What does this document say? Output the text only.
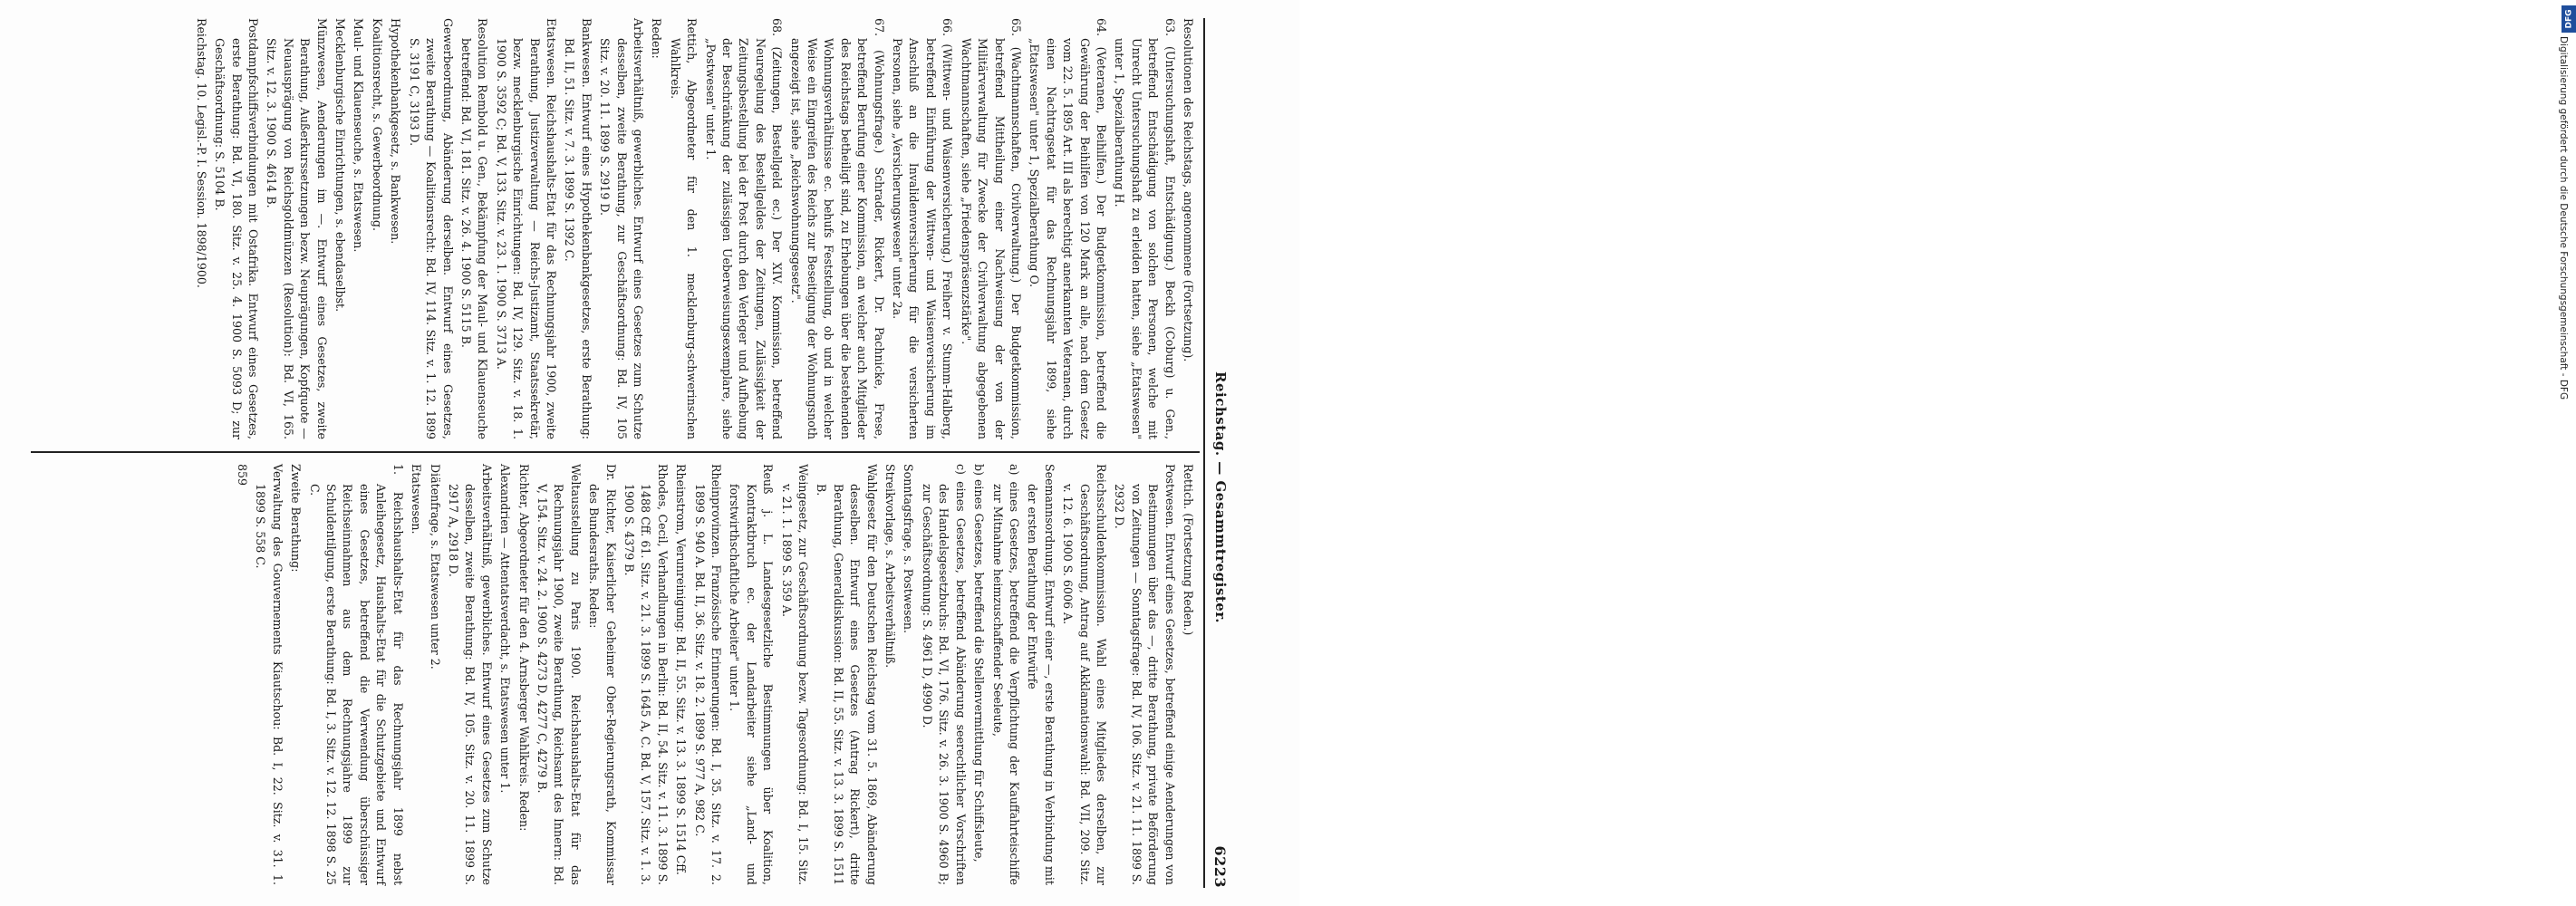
Reichstag. — Gesammtregister.
6223
Resolutionen des Reichstags, angenommene (Fortsetzung).
63. (Untersuchungshaft, Entschädigung.) Beckh (Coburg) u. Gen., betreffend Entschädigung von solchen Personen, welche mit Unrecht Untersuchungshaft zu erleiden hatten, siehe „Etatswesen" unter 1, Spezialberathung H.
64. (Veteranen, Beihilfen.) Der Budgetkommission, betreffend die Gewährung der Beihilfen von 120 Mark an alle, nach dem Gesetz vom 22. 5. 1895 Art. III als berechtigt anerkannten Veteranen, durch einen Nachtragsetat für das Rechnungsjahr 1899, siehe „Etatswesen" unter 1, Spezialberathung O.
65. (Wachtmannschaften, Civilverwaltung.) Der Budgetkommission, betreffend Mittheilung einer Nachweisung der von der Militärverwaltung für Zwecke der Civilverwaltung abgegebenen Wachtmannschaften, siehe „Friedenspräsenzstärke".
66. (Wittwen- und Waisenversicherung.) Freiherr v. Stumm-Halberg, betreffend Einführung der Wittwen- und Waisenversicherung im Anschluß an die Invalidenversicherung für die versicherten Personen, siehe „Versicherungswesen" unter 2a.
67. (Wohnungsfrage.) Schrader, Rickert, Dr. Pachnicke, Frese, betreffend Berufung einer Kommission, an welcher auch Mitglieder des Reichstags betheiligt sind, zu Erhebungen über die bestehenden Wohnungsverhältnisse ec. behufs Feststellung, ob und in welcher Weise ein Eingreifen des Reichs zur Beseitigung der Wohnungsnoth angezeigt ist, siehe „Reichswohnungsgesetz".
68. (Zeitungen, Bestellgeld ec.) Der XIV. Kommission, betreffend Neuregelung des Bestellgeldes der Zeitungen, Zulässigkeit der Zeitungsbestellung bei der Post durch den Verleger und Aufhebung der Beschränkung der zulässigen Ueberweisungsexemplare, siehe „Postwesen" unter 1.
Rettich, Abgeordneter für den 1. mecklenburg-schwerinschen Wahlkreis.
Reden:
Arbeitsverhältniß, gewerbliches. Entwurf eines Gesetzes zum Schutze desselben, zweite Berathung, zur Geschäftsordnung: Bd. IV, 105 Sitz. v. 20. 11. 1899 S. 2919 D.
Bankwesen. Entwurf eines Hypothekenbankgesetzes, erste Berathung: Bd. II, 51. Sitz. v. 7. 3. 1899 S. 1392 C.
Etatswesen. Reichshaushalts-Etat für das Rechnungsjahr 1900, zweite Berathung, Justizverwaltung — Reichs-Justizamt, Staatssekretär, bezw. mecklenburgische Einrichtungen: Bd. IV, 129. Sitz. v. 18. 1. 1900 S. 3592 C; Bd. V, 133. Sitz. v. 23. 1. 1900 S. 3713 A.
Resolution Rembold u. Gen., Bekämpfung der Maul- und Klauenseuche betreffend: Bd. VI, 181. Sitz. v. 26. 4. 1900 S. 5115 B.
Gewerbeordnung, Abänderung derselben. Entwurf eines Gesetzes, zweite Berathung — Koalitionsrecht: Bd. IV, 114. Sitz. v. 1. 12. 1899 S. 3191 C, 3193 D.
Hypothekenbankgesetz, s. Bankwesen.
Koalitionsrecht, s. Gewerbeordnung.
Maul- und Klauenseuche, s. Etatswesen.
Mecklenburgische Einrichtungen, s. ebendaselbst.
Münzwesen, Aenderungen im —. Entwurf eines Gesetzes, zweite Berathung, Außerkurssetzungen bezw. Neuprägungen, Kopfquote — Neuausprägung von Reichsgoldmünzen (Resolution): Bd. VI, 165. Sitz. v. 12. 3. 1900 S. 4614 B.
Postdampfschiffsverbindungen mit Ostafrika. Entwurf eines Gesetzes, erste Berathung: Bd. VI, 180. Sitz. v. 25. 4. 1900 S. 5093 D; zur Geschäftsordnung: S. 5104 B.
Reichstag. 10. Legisl.-P. I. Session. 1898/1900.
Rettich. (Fortsetzung Reden.)
Postwesen. Entwurf eines Gesetzes, betreffend einige Aenderungen von Bestimmungen über das —, dritte Berathung, private Beförderung von Zeitungen — Sonntagsfrage: Bd. IV, 106. Sitz. v. 21. 11. 1899 S. 2932 D.
Reichsschuldenkommission. Wahl eines Mitgliedes derselben, zur Geschäftsordnung, Antrag auf Akklamationswahl: Bd. VII, 209. Sitz. v. 12. 6. 1900 S. 6006 A.
Seemannsordnung. Entwurf einer —, erste Berathung in Verbindung mit der ersten Berathung der Entwürfe
a) eines Gesetzes, betreffend die Verpflichtung der Kauffahrteischiffe zur Mitnahme heimzuschaffender Seeleute,
b) eines Gesetzes, betreffend die Stellenvermittlung für Schiffsleute,
c) eines Gesetzes, betreffend Abänderung seerechtlicher Vorschriften des Handelsgesetzbuchs: Bd. VI, 176. Sitz. v. 26. 3. 1900 S. 4960 B; zur Geschäftsordnung: S. 4961 D, 4990 D.
Sonntagsfrage, s. Postwesen.
Streikvorlage, s. Arbeitsverhältniß.
Wahlgesetz für den Deutschen Reichstag vom 31. 5. 1869, Abänderung desselben. Entwurf eines Gesetzes (Antrag Rickert), dritte Berathung, Generaldiskussion: Bd. II, 55. Sitz. v. 13. 3. 1899 S. 1511 B.
Weingesetz, zur Geschäftsordnung bezw. Tagesordnung: Bd. I, 15. Sitz. v. 21. 1. 1899 S. 359 A.
Reuß j. L. Landesgesetzliche Bestimmungen über Koalition, Kontraktbruch ec. der Landarbeiter siehe „Land- und forstwirthschaftliche Arbeiter" unter 1.
Rheinprovinzen. Französische Erinnerungen: Bd. I, 35. Sitz. v. 17. 2. 1899 S. 940 A. Bd. II, 36. Sitz. v. 18. 2. 1899 S. 977 A, 982 C.
Rheinstrom, Verunreinigung: Bd. II, 55. Sitz. v. 13. 3. 1899 S. 1514 Cff.
Rhodes, Cecil, Verhandlungen in Berlin: Bd. II, 54. Sitz. v. 11. 3. 1899 S. 1488 Cff. 61. Sitz. v. 21. 3. 1899 S. 1645 A, C. Bd. V, 157. Sitz. v. 1. 3. 1900 S. 4379 B.
Dr. Richter, Kaiserlicher Geheimer Ober-Regierungsrath, Kommissar des Bundesraths. Reden:
Weltausstellung zu Paris 1900. Reichshaushalts-Etat für das Rechnungsjahr 1900, zweite Berathung, Reichsamt des Innern: Bd. V, 154. Sitz. v. 24. 2. 1900 S. 4273 D, 4277 C, 4279 B.
Richter, Abgeordneter für den 4. Arnsberger Wahlkreis. Reden:
Alexandrien — Attentatsverdacht, s. Etatswesen unter 1.
Arbeitsverhältniß, gewerbliches. Entwurf eines Gesetzes zum Schutze desselben, zweite Berathung: Bd. IV, 105. Sitz. v. 20. 11. 1899 S. 2917 A, 2918 D.
Diätenfrage, s. Etatswesen unter 2.
Etatswesen.
1. Reichshaushalts-Etat für das Rechnungsjahr 1899 nebst Anleihegesetz, Haushalts-Etat für die Schutzgebiete und Entwurf eines Gesetzes, betreffend die Verwendung überschüssiger Reichseinnahmen aus dem Rechnungsjahre 1899 zur Schuldentilgung, erste Berathung: Bd. I, 3. Sitz. v. 12. 12. 1898 S. 25 C.
Zweite Berathung:
Verwaltung des Gouvernements Kiautschou: Bd. I, 22. Sitz. v. 31. 1. 1899 S. 558 C.
859
DFG
Digitalisierung gefördert durch die Deutsche Forschungsgemeinschaft - DFG
